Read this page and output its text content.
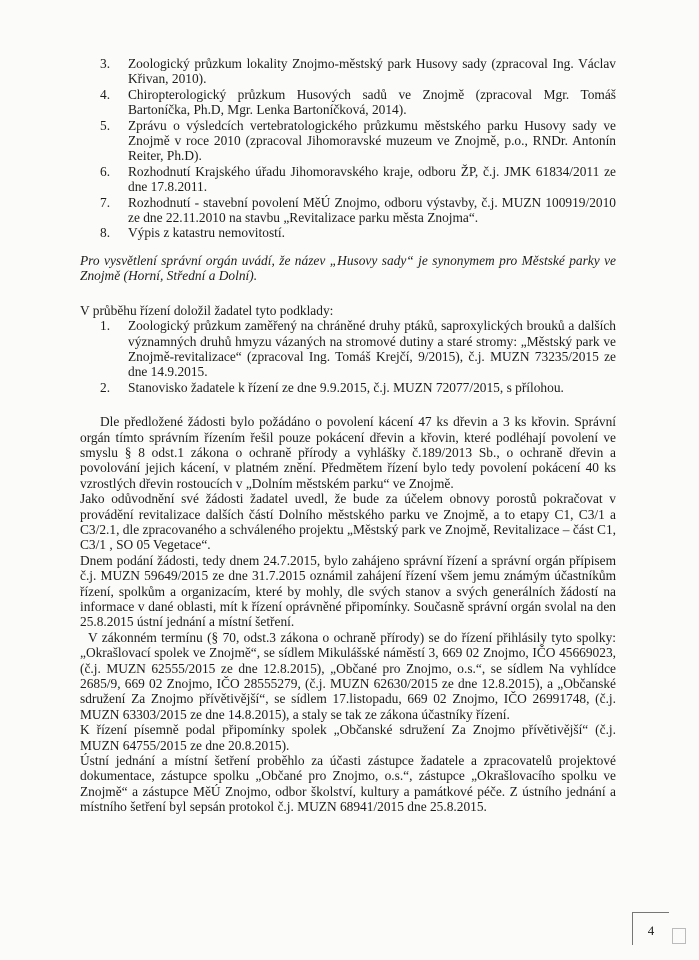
3.	Zoologický průzkum lokality Znojmo-městský park Husovy sady (zpracoval Ing. Václav Křivan, 2010).
4.	Chiropterologický průzkum Husových sadů ve Znojmě (zpracoval Mgr. Tomáš Bartoníčka, Ph.D, Mgr. Lenka Bartoníčková, 2014).
5.	Zprávu o výsledcích vertebratologického průzkumu městského parku Husovy sady ve Znojmě v roce 2010 (zpracoval Jihomoravské muzeum ve Znojmě, p.o., RNDr. Antonín Reiter, Ph.D).
6.	Rozhodnutí Krajského úřadu Jihomoravského kraje, odboru ŽP, č.j. JMK 61834/2011 ze dne 17.8.2011.
7.	Rozhodnutí - stavební povolení MěÚ Znojmo, odboru výstavby, č.j. MUZN 100919/2010 ze dne 22.11.2010 na stavbu „Revitalizace parku města Znojma“.
8.	Výpis z katastru nemovitostí.

Pro vysvětlení správní orgán uvádí, že název „Husovy sady“ je synonymem pro Městské parky ve Znojmě (Horní, Střední a Dolní).

V průběhu řízení doložil žadatel tyto podklady:

1.	Zoologický průzkum zaměřený na chráněné druhy ptáků, saproxylických brouků a dalších významných druhů hmyzu vázaných na stromové dutiny a staré stromy: „Městský park ve Znojmě-revitalizace“ (zpracoval Ing. Tomáš Krejčí, 9/2015), č.j. MUZN 73235/2015 ze dne 14.9.2015.
2.	Stanovisko žadatele k řízení ze dne 9.9.2015, č.j. MUZN 72077/2015, s přílohou.

Dle předložené žádosti bylo požádáno o povolení kácení 47 ks dřevin a 3 ks křovin. Správní orgán tímto správním řízením řešil pouze pokácení dřevin a křovin, které podléhají povolení ve smyslu § 8 odst.1 zákona o ochraně přírody a vyhlášky č.189/2013 Sb., o ochraně dřevin a povolování jejich kácení, v platném znění. Předmětem řízení bylo tedy povolení pokácení 40 ks vzrostlých dřevin rostoucích v „Dolním městském parku“ ve Znojmě.

Jako odůvodnění své žádosti žadatel uvedl, že bude za účelem obnovy porostů pokračovat v provádění revitalizace dalších částí Dolního městského parku ve Znojmě, a to etapy C1, C3/1 a C3/2.1, dle zpracovaného a schváleného projektu „Městský park ve Znojmě, Revitalizace – část C1, C3/1 , SO 05 Vegetace“.

Dnem podání žádosti, tedy dnem 24.7.2015, bylo zahájeno správní řízení a správní orgán přípisem č.j. MUZN 59649/2015 ze dne 31.7.2015 oznámil zahájení řízení všem jemu známým účastníkům řízení, spolkům a organizacím, které by mohly, dle svých stanov a svých generálních žádostí na informace v dané oblasti, mít k řízení oprávněné připomínky. Současně správní orgán svolal na den 25.8.2015 ústní jednání a místní šetření.

V zákonném termínu (§ 70, odst.3 zákona o ochraně přírody) se do řízení přihlásily tyto spolky: „Okrašlovací spolek ve Znojmě“, se sídlem Mikulášské náměstí 3, 669 02 Znojmo, IČO 45669023, (č.j. MUZN 62555/2015 ze dne 12.8.2015), „Občané pro Znojmo, o.s.“, se sídlem Na vyhlídce 2685/9, 669 02 Znojmo, IČO 28555279, (č.j. MUZN 62630/2015 ze dne 12.8.2015), a „Občanské sdružení Za Znojmo přívětivější“, se sídlem 17.listopadu, 669 02 Znojmo, IČO 26991748, (č.j. MUZN 63303/2015 ze dne 14.8.2015), a staly se tak ze zákona účastníky řízení.

K řízení písemně podal připomínky spolek „Občanské sdružení Za Znojmo přívětivější“ (č.j. MUZN 64755/2015 ze dne 20.8.2015).

Ústní jednání a místní šetření proběhlo za účasti zástupce žadatele a zpracovatelů projektové dokumentace, zástupce spolku „Občané pro Znojmo, o.s.“, zástupce „Okrašlovacího spolku ve Znojmě“ a zástupce MěÚ Znojmo, odbor školství, kultury a památkové péče. Z ústního jednání a místního šetření byl sepsán protokol č.j. MUZN 68941/2015 dne 25.8.2015.

4
